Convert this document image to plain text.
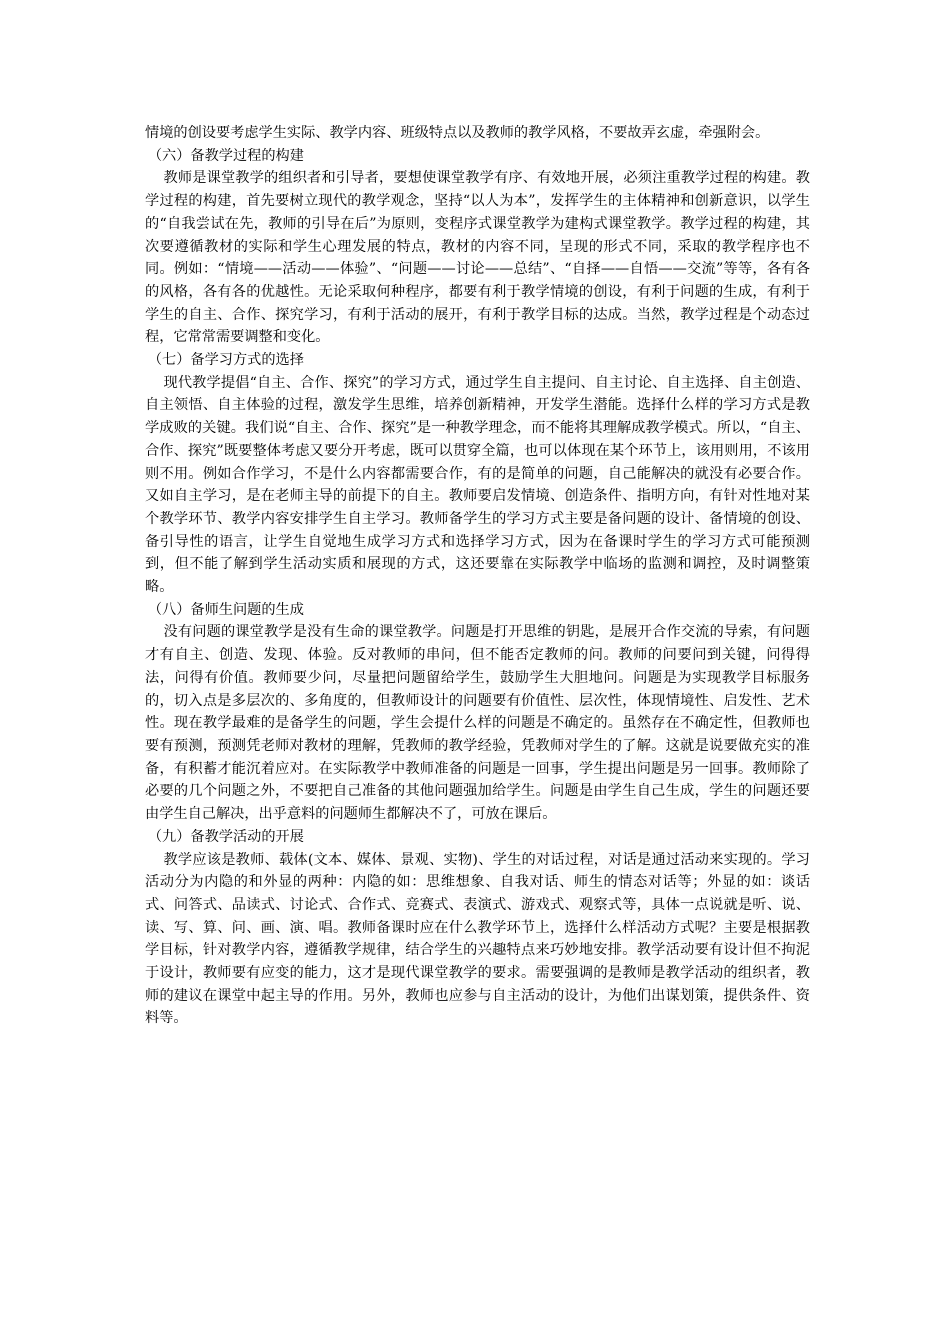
情境的创设要考虑学生实际、教学内容、班级特点以及教师的教学风格，不要故弄玄虚，牵强附会。

（六）备教学过程的构建

教师是课堂教学的组织者和引导者，要想使课堂教学有序、有效地开展，必须注重教学过程的构建。教学过程的构建，首先要树立现代的教学观念，坚持“以人为本”，发挥学生的主体精神和创新意识，以学生的“自我尝试在先，教师的引导在后”为原则，变程序式课堂教学为建构式课堂教学。教学过程的构建，其次要遵循教材的实际和学生心理发展的特点，教材的内容不同，呈现的形式不同，采取的教学程序也不同。例如：“情境——活动——体验”、“问题——讨论——总结”、“自择——自悟——交流”等等，各有各的风格，各有各的优越性。无论采取何种程序，都要有利于教学情境的创设，有利于问题的生成，有利于学生的自主、合作、探究学习，有利于活动的展开，有利于教学目标的达成。当然，教学过程是个动态过程，它常常需要调整和变化。

（七）备学习方式的选择

现代教学提倡“自主、合作、探究”的学习方式，通过学生自主提问、自主讨论、自主选择、自主创造、自主领悟、自主体验的过程，激发学生思维，培养创新精神，开发学生潜能。选择什么样的学习方式是教学成败的关键。我们说“自主、合作、探究”是一种教学理念，而不能将其理解成教学模式。所以，“自主、合作、探究”既要整体考虑又要分开考虑，既可以贯穿全篇，也可以体现在某个环节上，该用则用，不该用则不用。例如合作学习，不是什么内容都需要合作，有的是简单的问题，自己能解决的就没有必要合作。又如自主学习，是在老师主导的前提下的自主。教师要启发情境、创造条件、指明方向，有针对性地对某个教学环节、教学内容安排学生自主学习。教师备学生的学习方式主要是备问题的设计、备情境的创设、备引导性的语言，让学生自觉地生成学习方式和选择学习方式，因为在备课时学生的学习方式可能预测到，但不能了解到学生活动实质和展现的方式，这还要靠在实际教学中临场的监测和调控，及时调整策略。

（八）备师生问题的生成

没有问题的课堂教学是没有生命的课堂教学。问题是打开思维的钥匙，是展开合作交流的导索，有问题才有自主、创造、发现、体验。反对教师的串问，但不能否定教师的问。教师的问要问到关键，问得得法，问得有价值。教师要少问，尽量把问题留给学生，鼓励学生大胆地问。问题是为实现教学目标服务的，切入点是多层次的、多角度的，但教师设计的问题要有价值性、层次性，体现情境性、启发性、艺术性。现在教学最难的是备学生的问题，学生会提什么样的问题是不确定的。虽然存在不确定性，但教师也要有预测，预测凭老师对教材的理解，凭教师的教学经验，凭教师对学生的了解。这就是说要做充实的准备，有积蓄才能沉着应对。在实际教学中教师准备的问题是一回事，学生提出问题是另一回事。教师除了必要的几个问题之外，不要把自己准备的其他问题强加给学生。问题是由学生自己生成，学生的问题还要由学生自己解决，出乎意料的问题师生都解决不了，可放在课后。

（九）备教学活动的开展

教学应该是教师、载体(文本、媒体、景观、实物)、学生的对话过程，对话是通过活动来实现的。学习活动分为内隐的和外显的两种：内隐的如：思维想象、自我对话、师生的情态对话等；外显的如：谈话式、问答式、品读式、讨论式、合作式、竞赛式、表演式、游戏式、观察式等，具体一点说就是听、说、读、写、算、问、画、演、唱。教师备课时应在什么教学环节上，选择什么样活动方式呢？主要是根据教学目标，针对教学内容，遵循教学规律，结合学生的兴趣特点来巧妙地安排。教学活动要有设计但不拘泥于设计，教师要有应变的能力，这才是现代课堂教学的要求。需要强调的是教师是教学活动的组织者，教师的建议在课堂中起主导的作用。另外，教师也应参与自主活动的设计，为他们出谋划策，提供条件、资料等。
